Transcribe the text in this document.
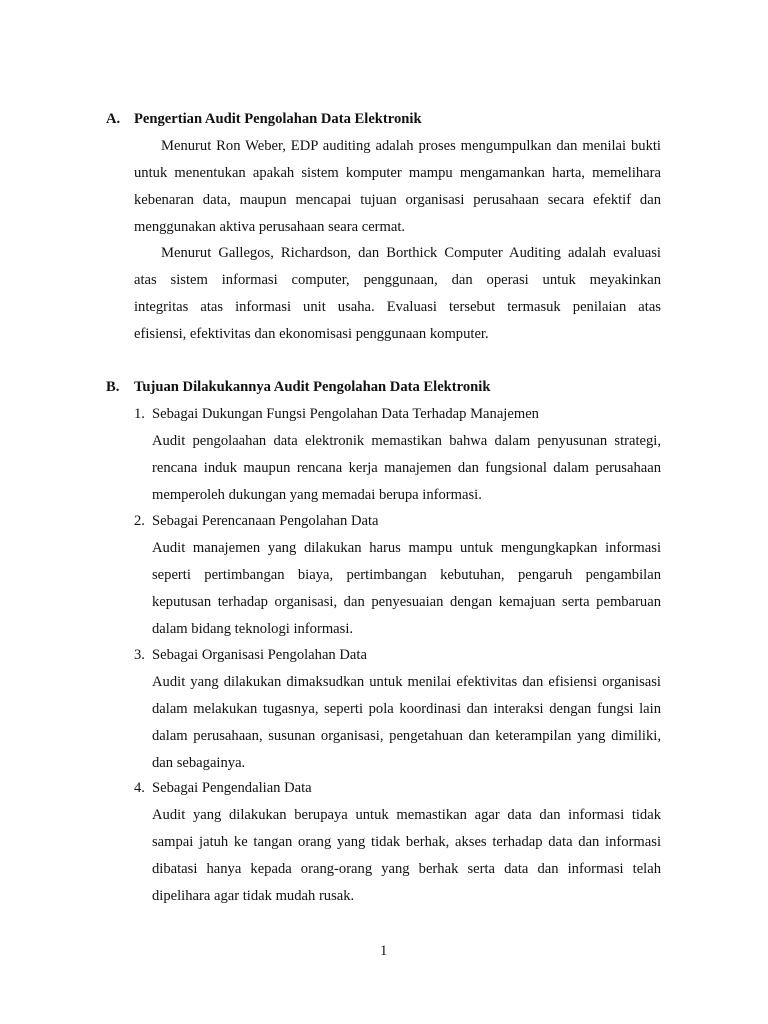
A. Pengertian Audit Pengolahan Data Elektronik
Menurut Ron Weber, EDP auditing adalah proses mengumpulkan dan menilai bukti
untuk menentukan apakah sistem komputer mampu mengamankan harta, memelihara
kebenaran data, maupun mencapai tujuan organisasi perusahaan secara efektif dan
menggunakan aktiva perusahaan seara cermat.
Menurut Gallegos, Richardson, dan Borthick Computer Auditing adalah evaluasi
atas sistem informasi computer, penggunaan, dan operasi untuk meyakinkan
integritas atas informasi unit usaha. Evaluasi tersebut termasuk penilaian atas
efisiensi, efektivitas dan ekonomisasi penggunaan komputer.
B. Tujuan Dilakukannya Audit Pengolahan Data Elektronik
1. Sebagai Dukungan Fungsi Pengolahan Data Terhadap Manajemen
Audit pengolaahan data elektronik memastikan bahwa dalam penyusunan strategi,
rencana induk maupun rencana kerja manajemen dan fungsional dalam perusahaan
memperoleh dukungan yang memadai berupa informasi.
2. Sebagai Perencanaan Pengolahan Data
Audit manajemen yang dilakukan harus mampu untuk mengungkapkan informasi
seperti pertimbangan biaya, pertimbangan kebutuhan, pengaruh pengambilan
keputusan terhadap organisasi, dan penyesuaian dengan kemajuan serta pembaruan
dalam bidang teknologi informasi.
3. Sebagai Organisasi Pengolahan Data
Audit yang dilakukan dimaksudkan untuk menilai efektivitas dan efisiensi organisasi
dalam melakukan tugasnya, seperti pola koordinasi dan interaksi dengan fungsi lain
dalam perusahaan, susunan organisasi, pengetahuan dan keterampilan yang dimiliki,
dan sebagainya.
4. Sebagai Pengendalian Data
Audit yang dilakukan berupaya untuk memastikan agar data dan informasi tidak
sampai jatuh ke tangan orang yang tidak berhak, akses terhadap data dan informasi
dibatasi hanya kepada orang-orang yang berhak serta data dan informasi telah
dipelihara agar tidak mudah rusak.
1
